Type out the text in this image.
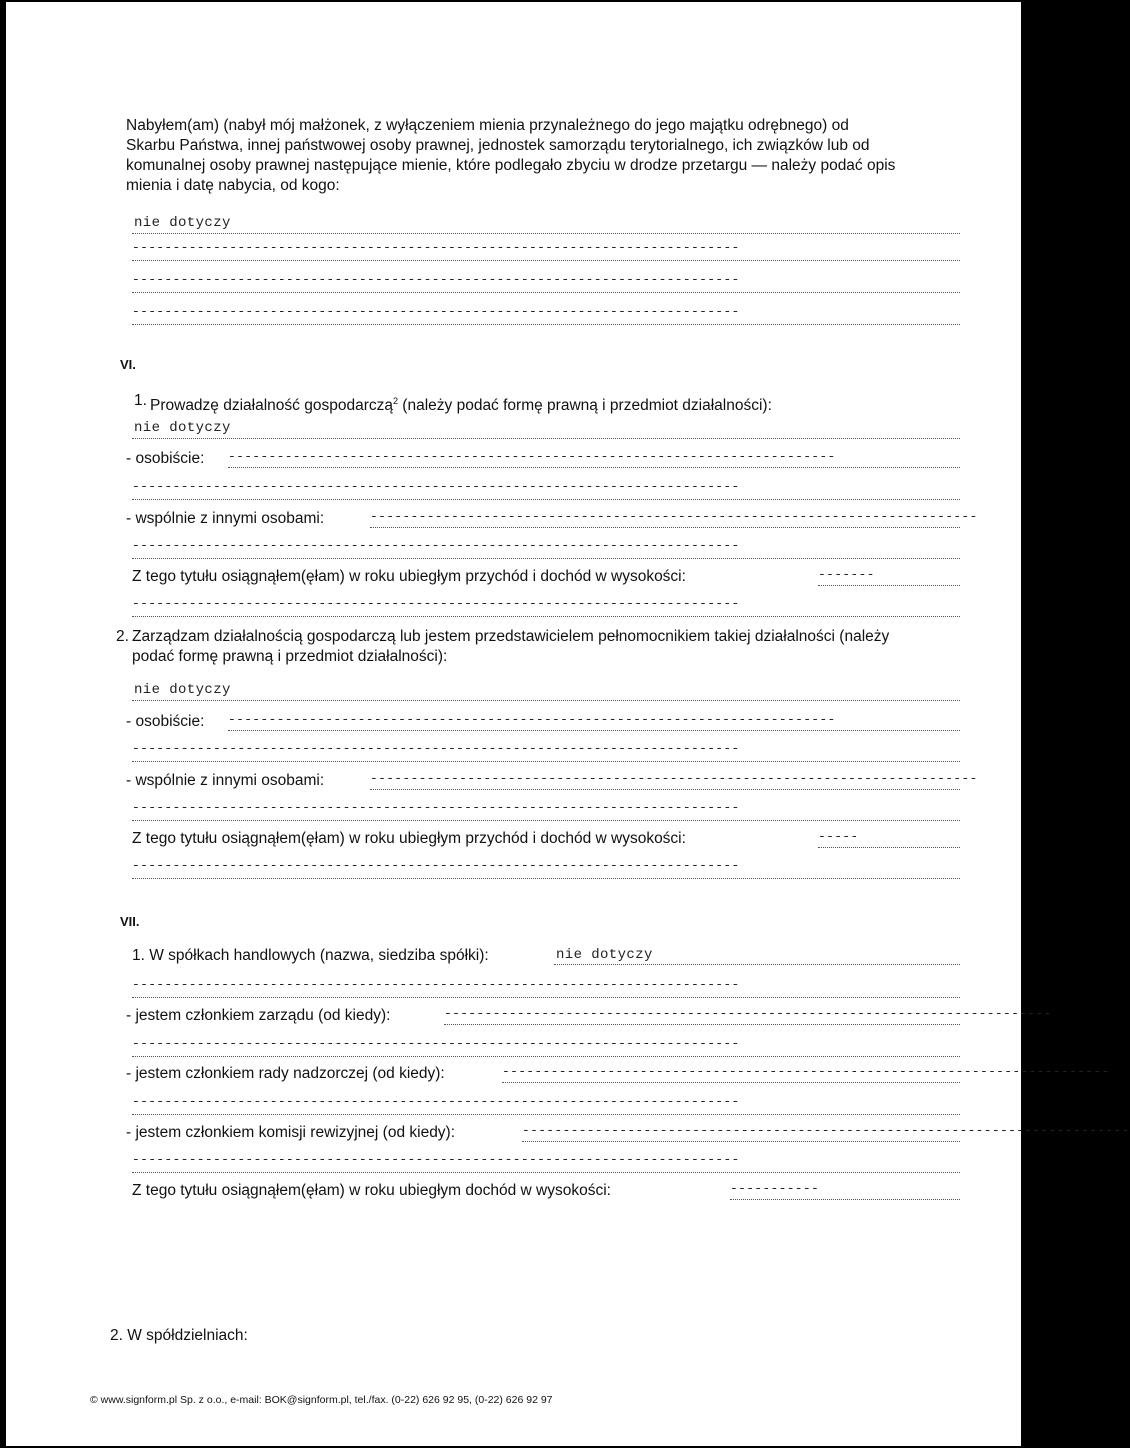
Nabyłem(am) (nabył mój małżonek, z wyłączeniem mienia przynależnego do jego majątku odrębnego) od Skarbu Państwa, innej państwowej osoby prawnej, jednostek samorządu terytorialnego, ich związków lub od komunalnej osoby prawnej następujące mienie, które podlegało zbyciu w drodze przetargu — należy podać opis mienia i datę nabycia, od kogo:
nie dotyczy
---------------------------------------------------------------------------
---------------------------------------------------------------------------
---------------------------------------------------------------------------
VI.
1. Prowadzę działalność gospodarczą$^2$ (należy podać formę prawną i przedmiot działalności):
nie dotyczy
- osobiście: ---------------------------------------------------------------------------
---------------------------------------------------------------------------
- wspólnie z innymi osobami:	---------------------------------------------------------------------------
---------------------------------------------------------------------------
Z tego tytułu osiągnąłem(ęłam) w roku ubiegłym przychód i dochód w wysokości:	-------
---------------------------------------------------------------------------
2. Zarządzam działalnością gospodarczą lub jestem przedstawicielem pełnomocnikiem takiej działalności (należy podać formę prawną i przedmiot działalności):
nie dotyczy
- osobiście: ---------------------------------------------------------------------------
---------------------------------------------------------------------------
- wspólnie z innymi osobami:	---------------------------------------------------------------------------
---------------------------------------------------------------------------
Z tego tytułu osiągnąłem(ęłam) w roku ubiegłym przychód i dochód w wysokości:	-----
---------------------------------------------------------------------------
VII.
1. W spółkach handlowych (nazwa, siedziba spółki):	nie dotyczy
---------------------------------------------------------------------------
- jestem członkiem zarządu (od kiedy):	---------------------------------------------------------------------------
---------------------------------------------------------------------------
- jestem członkiem rady nadzorczej (od kiedy):	---------------------------------------------------------------------------
---------------------------------------------------------------------------
- jestem członkiem komisji rewizyjnej (od kiedy):	---------------------------------------------------------------------------
---------------------------------------------------------------------------
Z tego tytułu osiągnąłem(ęłam) w roku ubiegłym dochód w wysokości:	-----------
2. W spółdzielniach:
© www.signform.pl Sp. z o.o., e-mail: BOK@signform.pl, tel./fax. (0-22) 626 92 95, (0-22) 626 92 97
